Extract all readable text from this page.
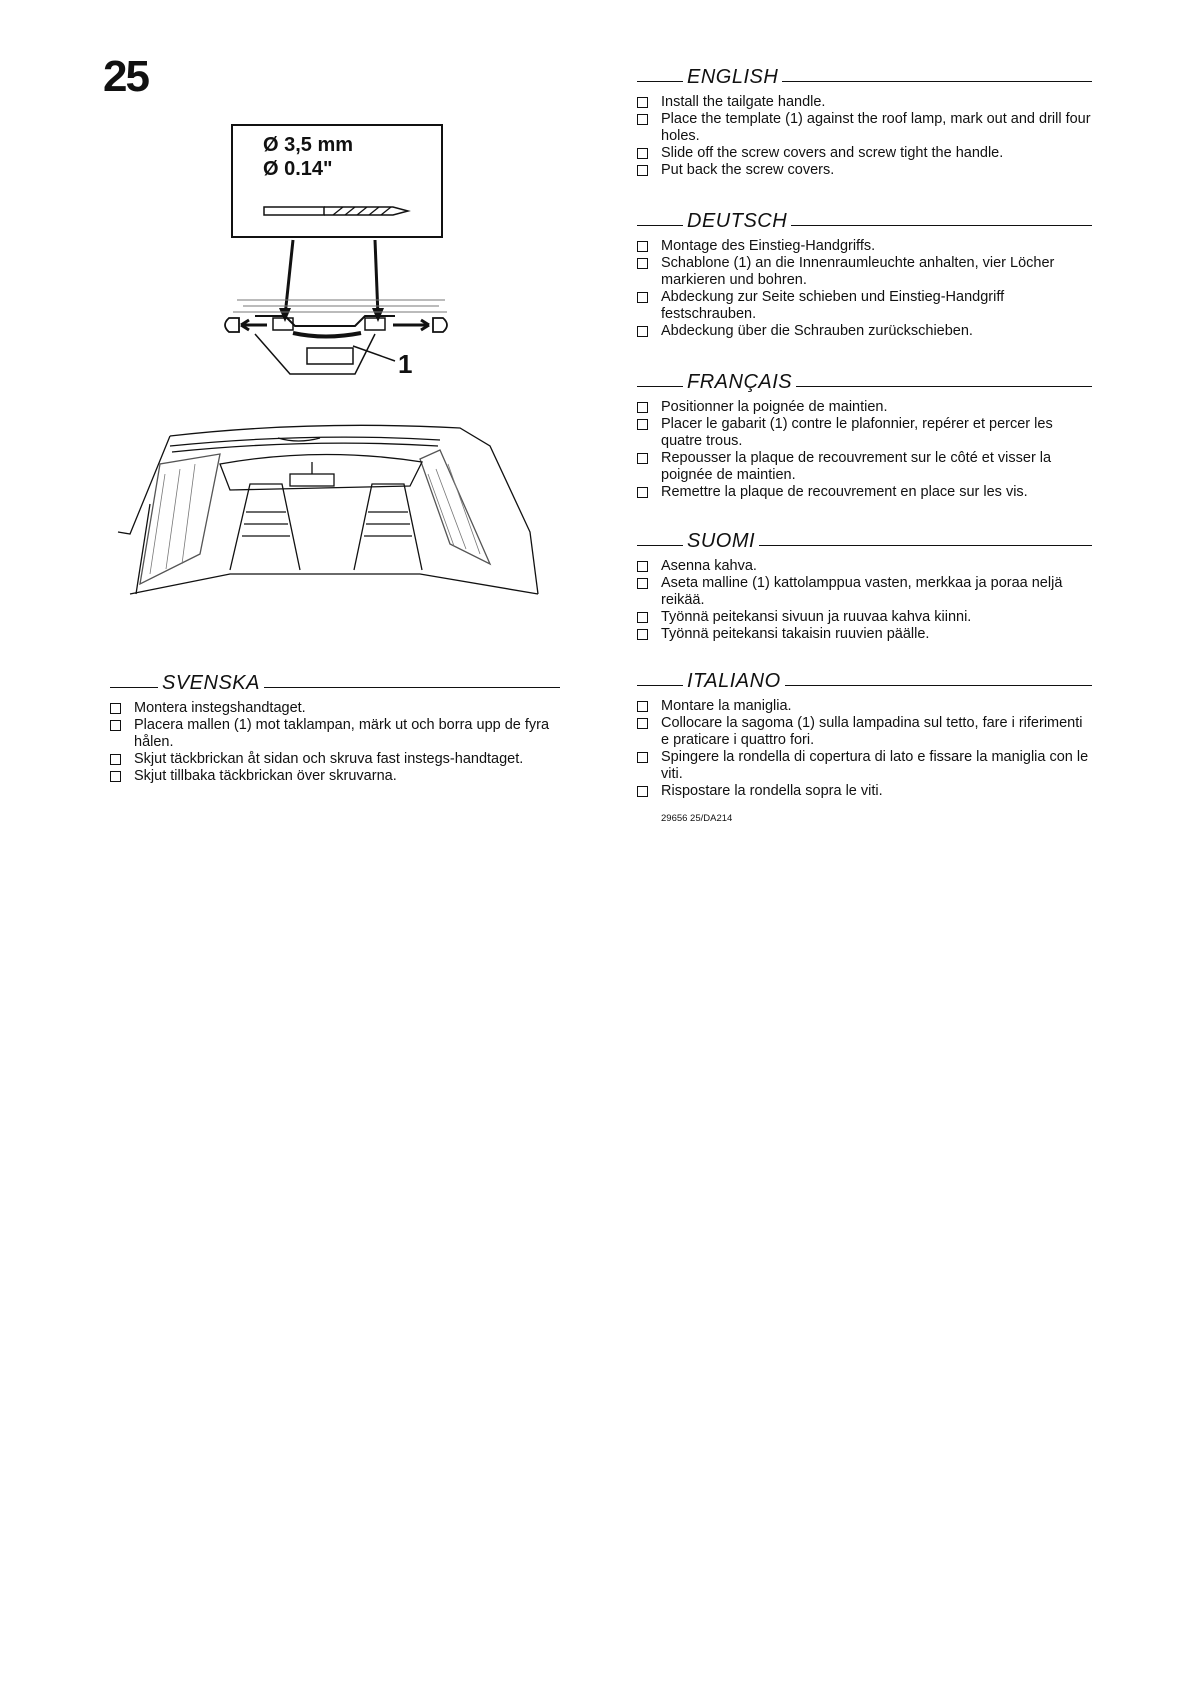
25
Ø 3,5 mm
Ø 0.14"
1
SVENSKA
Montera instegshandtaget.
Placera mallen (1) mot taklampan, märk ut och borra upp de fyra hålen.
Skjut täckbrickan åt sidan och skruva fast instegs-handtaget.
Skjut tillbaka täckbrickan över skruvarna.
ENGLISH
Install the tailgate handle.
Place the template (1) against the roof lamp, mark out and drill four holes.
Slide off the screw covers and screw tight the handle.
Put back the screw covers.
DEUTSCH
Montage des Einstieg-Handgriffs.
Schablone (1) an die Innenraumleuchte anhalten, vier Löcher markieren und bohren.
Abdeckung zur Seite schieben und Einstieg-Handgriff festschrauben.
Abdeckung über die Schrauben zurückschieben.
FRANÇAIS
Positionner la poignée de maintien.
Placer le gabarit (1) contre le plafonnier, repérer et percer les quatre trous.
Repousser la plaque de recouvrement sur le côté et visser la poignée de maintien.
Remettre la plaque de recouvrement en place sur les vis.
SUOMI
Asenna kahva.
Aseta malline (1) kattolamppua vasten, merkkaa ja poraa neljä reikää.
Työnnä peitekansi sivuun ja ruuvaa kahva kiinni.
Työnnä peitekansi takaisin ruuvien päälle.
ITALIANO
Montare la maniglia.
Collocare la sagoma (1) sulla lampadina sul tetto, fare i riferimenti e praticare i quattro fori.
Spingere la rondella di copertura di lato e fissare la maniglia con le viti.
Rispostare la rondella sopra le viti.
29656 25/DA214
